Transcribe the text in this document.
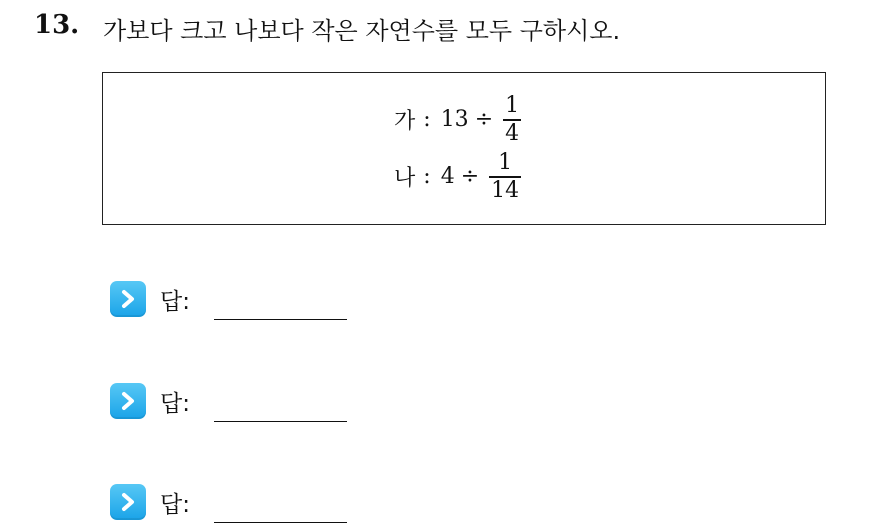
13. 가보다 크고 나보다 작은 자연수를 모두 구하시오.
가 : $13 \div \frac{1}{4}$
나 : $4 \div \frac{1}{14}$
답:
답:
답:
